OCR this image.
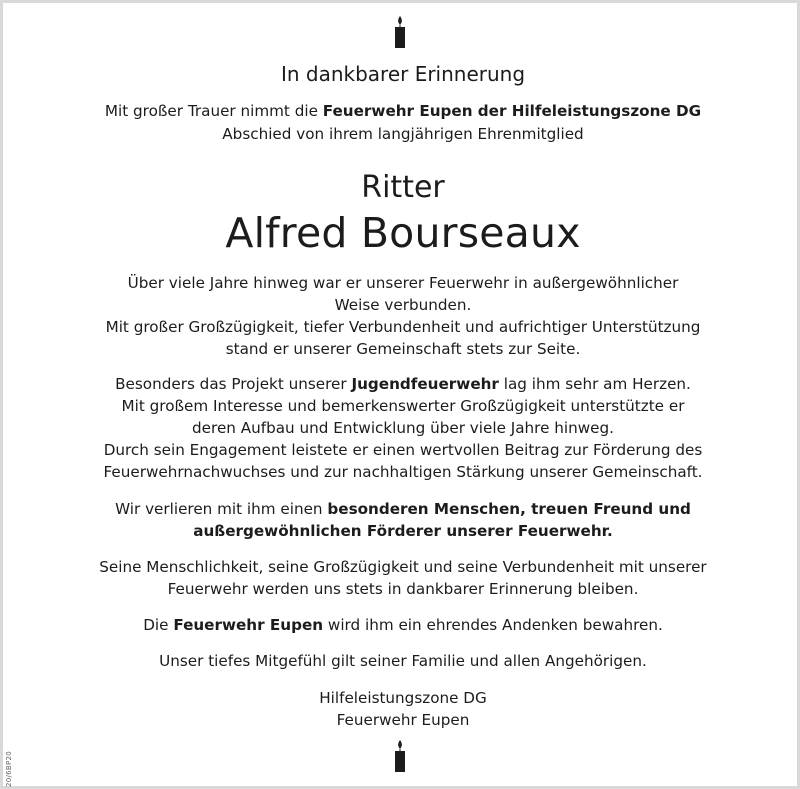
In dankbarer Erinnerung
Mit großer Trauer nimmt die Feuerwehr Eupen der Hilfeleistungszone DG
Abschied von ihrem langjährigen Ehrenmitglied
Ritter
Alfred Bourseaux
Über viele Jahre hinweg war er unserer Feuerwehr in außergewöhnlicher
Weise verbunden.
Mit großer Großzügigkeit, tiefer Verbundenheit und aufrichtiger Unterstützung
stand er unserer Gemeinschaft stets zur Seite.
Besonders das Projekt unserer Jugendfeuerwehr lag ihm sehr am Herzen.
Mit großem Interesse und bemerkenswerter Großzügigkeit unterstützte er
deren Aufbau und Entwicklung über viele Jahre hinweg.
Durch sein Engagement leistete er einen wertvollen Beitrag zur Förderung des
Feuerwehrnachwuchses und zur nachhaltigen Stärkung unserer Gemeinschaft.
Wir verlieren mit ihm einen besonderen Menschen, treuen Freund und
außergewöhnlichen Förderer unserer Feuerwehr.
Seine Menschlichkeit, seine Großzügigkeit und seine Verbundenheit mit unserer
Feuerwehr werden uns stets in dankbarer Erinnerung bleiben.
Die Feuerwehr Eupen wird ihm ein ehrendes Andenken bewahren.
Unser tiefes Mitgefühl gilt seiner Familie und allen Angehörigen.
Hilfeleistungszone DG
Feuerwehr Eupen
20/6BP20
